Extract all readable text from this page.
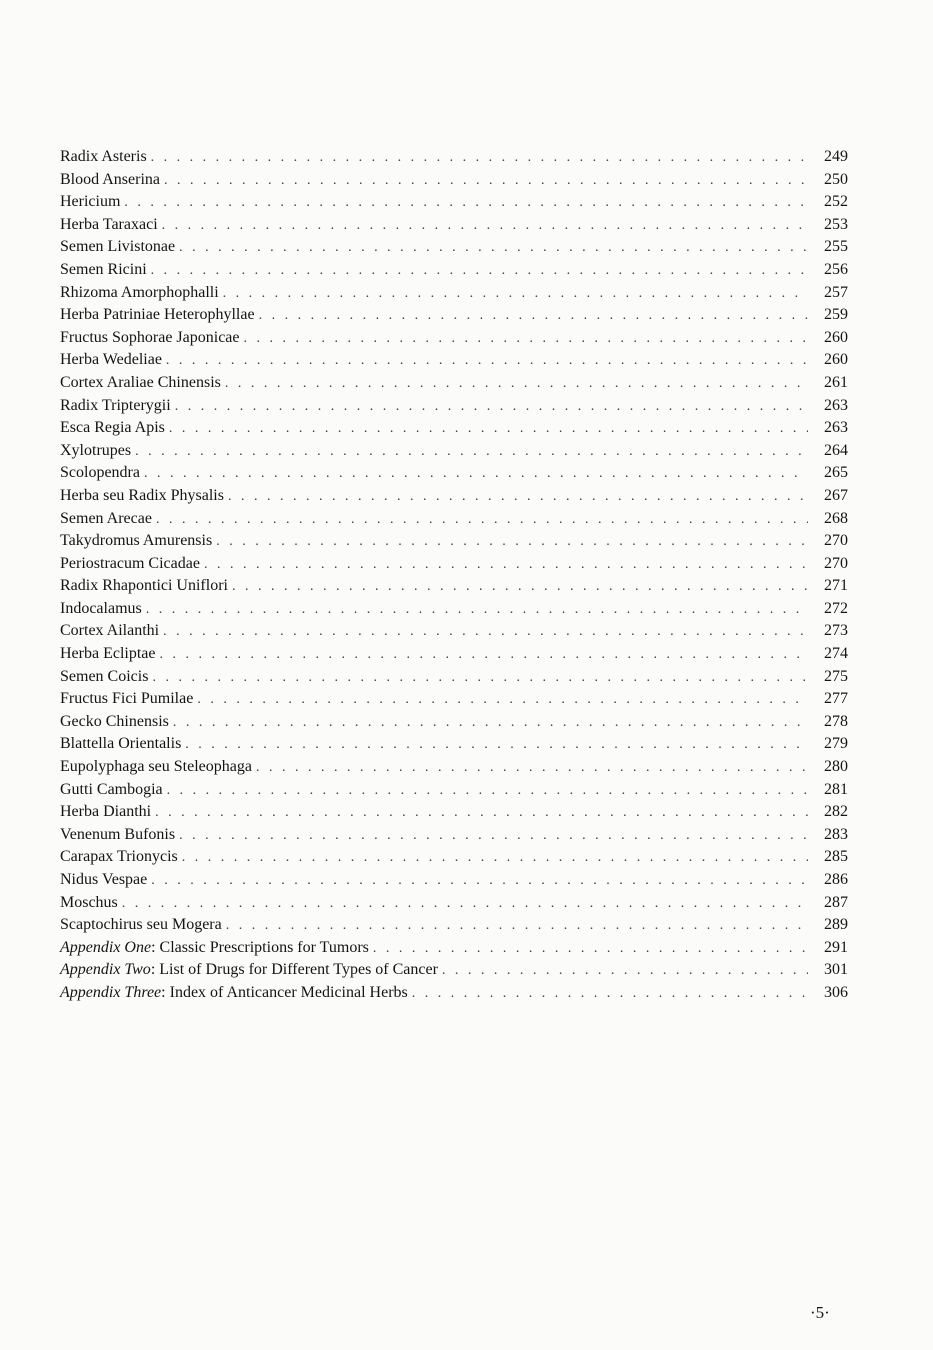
Radix Asteris . . .	249
Blood Anserina . . .	250
Hericium . . .	252
Herba Taraxaci . . .	253
Semen Livistonae . . .	255
Semen Ricini . . .	256
Rhizoma Amorphophalli . . .	257
Herba Patriniae Heterophyllae . . .	259
Fructus Sophorae Japonicae . . .	260
Herba Wedeliae . . .	260
Cortex Araliae Chinensis . . .	261
Radix Tripterygii . . .	263
Esca Regia Apis . . .	263
Xylotrupes . . .	264
Scolopendra . . .	265
Herba seu Radix Physalis . . .	267
Semen Arecae . . .	268
Takydromus Amurensis . . .	270
Periostracum Cicadae . . .	270
Radix Rhapontici Uniflori . . .	271
Indocalamus . . .	272
Cortex Ailanthi . . .	273
Herba Ecliptae . . .	274
Semen Coicis . . .	275
Fructus Fici Pumilae . . .	277
Gecko Chinensis . . .	278
Blattella Orientalis . . .	279
Eupolyphaga seu Steleophaga . . .	280
Gutti Cambogia . . .	281
Herba Dianthi . . .	282
Venenum Bufonis . . .	283
Carapax Trionycis . . .	285
Nidus Vespae . . .	286
Moschus . . .	287
Scaptochirus seu Mogera . . .	289
Appendix One: Classic Prescriptions for Tumors . . .	291
Appendix Two: List of Drugs for Different Types of Cancer . . .	301
Appendix Three: Index of Anticancer Medicinal Herbs . . .	306
·5·
